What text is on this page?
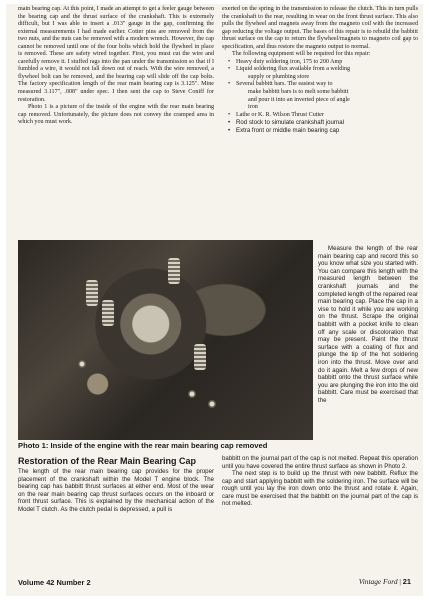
main bearing cap. At this point, I made an attempt to get a feeler gauge between the bearing cap and the thrust surface of the crankshaft. This is extremely difficult, but I was able to insert a .013" gauge in the gap, confirming the external measurements I had made earlier. Cotter pins are removed from the two nuts, and the nuts can be removed with a modern wrench. However, the cap cannot be removed until one of the four bolts which hold the flywheel in place is removed. These are safety wired together. First, you must cut the wire and carefully remove it. I stuffed rags into the pan under the transmission so that if I fumbled a wire, it would not fall down out of reach. With the wire removed, a flywheel bolt can be removed, and the bearing cap will slide off the cap bolts. The factory specification length of the rear main bearing cap is 3.125". Mine measured 3.117", .008" under spec. I then sent the cap to Steve Coniff for restoration.

Photo 1 is a picture of the inside of the engine with the rear main bearing cap removed. Unfortunately, the picture does not convey the cramped area in which you must work.

exerted on the spring in the transmission to release the clutch. This in turn pulls the crankshaft to the rear, resulting in wear on the front thrust surface. This also pulls the flywheel and magnets away from the magneto coil with the increased gap reducing the voltage output. The bases of this repair is to rebuild the babbitt thrust surface on the cap to return the flywheel/magnets to magneto coil gap to specification, and thus restore the magneto output to normal.

The following equipment will be required for this repair:

• Heavy duty soldering iron, 175 to 200 Amp
• Liquid soldering flux available from a welding
supply or plumbing store
• Several babbitt bars. The easiest way to
make babbitt bars is to melt some babbitt
and pour it into an inverted piece of angle
iron
• Lathe or K. R. Wilson Thrust Cutter
• Rod stock to simulate crankshaft journal
• Extra front or middle main bearing cap
Photo 1: Inside of the engine with the rear main bearing cap removed

Measure the length of the rear main bearing cap and record this so you know what size you started with. You can compare this length with the measured length between the crankshaft journals and the completed length of the repaired rear main bearing cap. Place the cap in a vise to hold it while you are working on the thrust. Scrape the original babbitt with a pocket knife to clean off any scale or discoloration that may be present. Paint the thrust surface with a coating of flux and plunge the tip of the hot soldering iron into the thrust. Move over and do it again. Melt a few drops of new babbitt onto the thrust surface while you are plunging the iron into the old babbitt. Care must be exercised that the

Restoration of the Rear Main Bearing Cap

The length of the rear main bearing cap provides for the proper placement of the crankshaft within the Model T engine block. The bearing cap has babbitt thrust surfaces at either end. Most of the wear on the rear main bearing cap thrust surfaces occurs on the inboard or front thrust surface. This is explained by the mechanical action of the Model T clutch. As the clutch pedal is depressed, a pull is

babbitt on the journal part of the cap is not melted. Repeat this operation until you have covered the entire thrust surface as shown in Photo 2.

The next step is to build up the thrust with new babbitt. Reflux the cap and start applying babbitt with the soldering iron. The surface will be rough until you lay the iron down onto the thrust and rotate it. Again, care must be exercised that the babbitt on the journal part of the cap is not melted.

Volume 42 Number 2	Vintage Ford | 21
